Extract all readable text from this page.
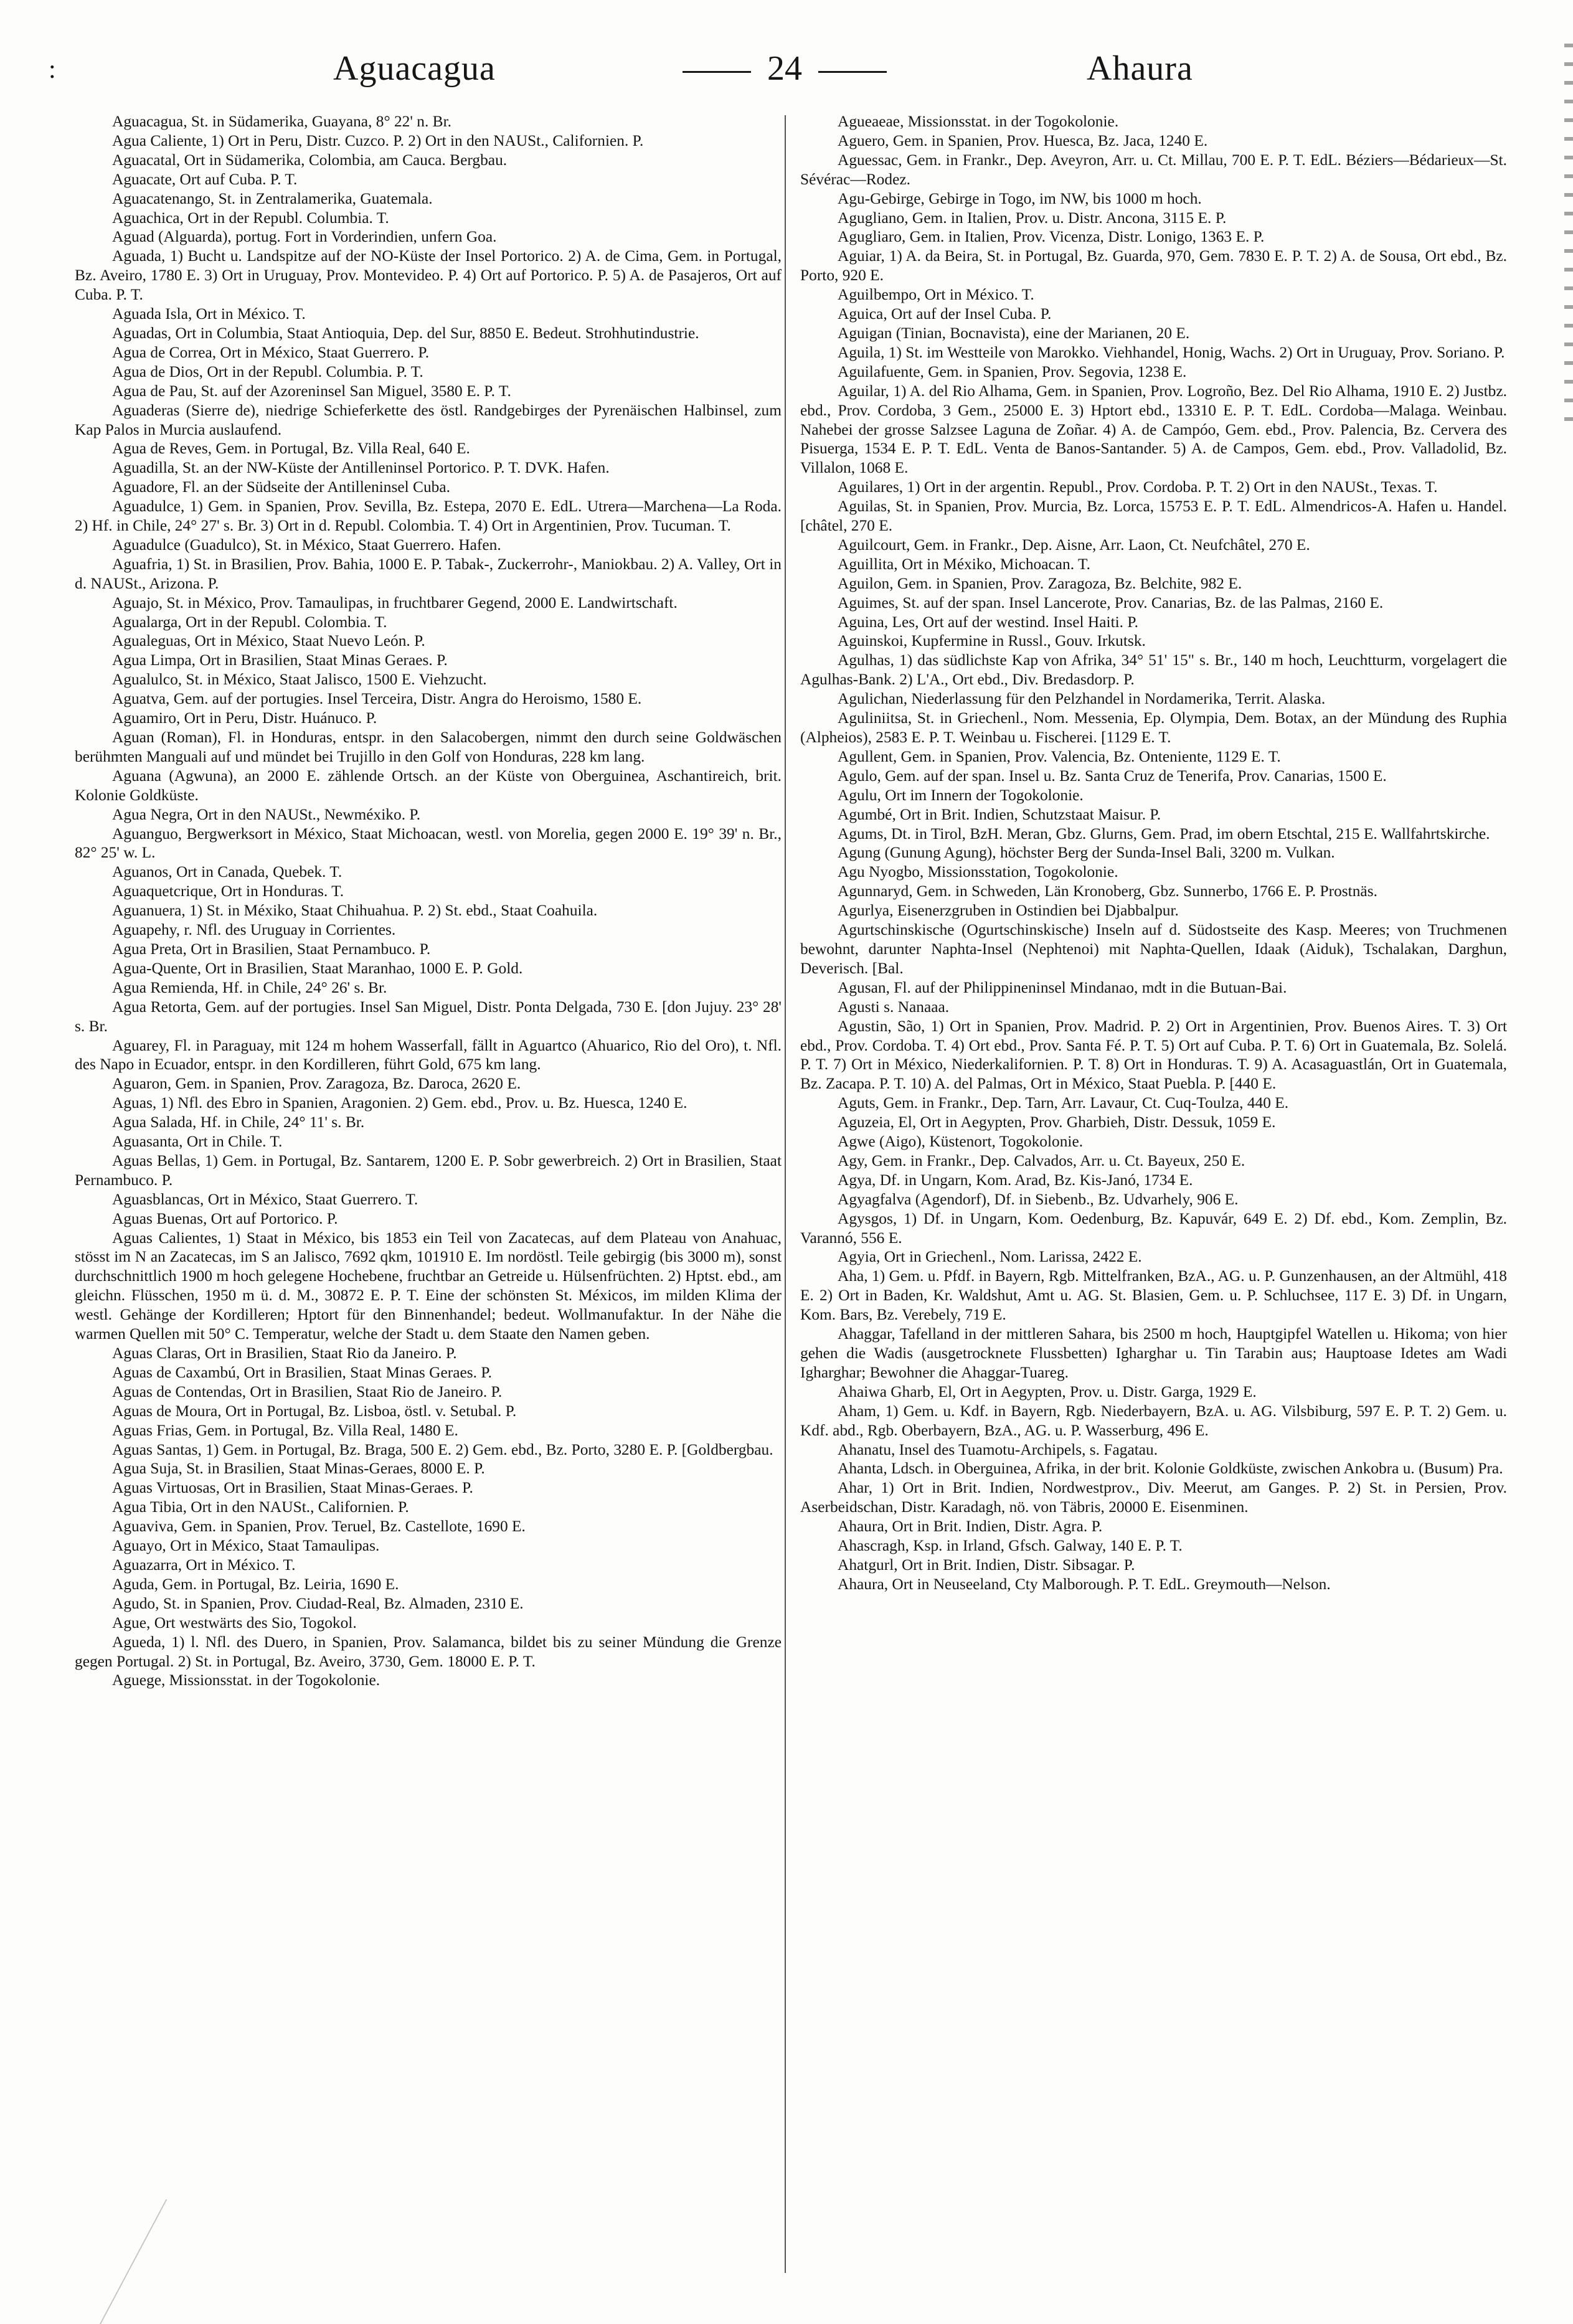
:	Aguacagua	24	Ahaura

Aguacagua, St. in Südamerika, Guayana, 8° 22' n. Br.

Agua Caliente, 1) Ort in Peru, Distr. Cuzco. P. 2) Ort in den NAUSt., Californien. P.

Aguacatal, Ort in Südamerika, Colombia, am Cauca. Bergbau.

Aguacate, Ort auf Cuba. P. T.

Aguacatenango, St. in Zentralamerika, Guatemala.

Aguachica, Ort in der Republ. Columbia. T.

Aguad (Alguarda), portug. Fort in Vorderindien, unfern Goa.

Aguada, 1) Bucht u. Landspitze auf der NO-Küste der Insel Portorico. 2) A. de Cima, Gem. in Portugal, Bz. Aveiro, 1780 E. 3) Ort in Uruguay, Prov. Montevideo. P. 4) Ort auf Portorico. P. 5) A. de Pasajeros, Ort auf Cuba. P. T.

Aguada Isla, Ort in México. T.

Aguadas, Ort in Columbia, Staat Antioquia, Dep. del Sur, 8850 E. Bedeut. Strohhutindustrie.

Agua de Correa, Ort in México, Staat Guerrero. P.

Agua de Dios, Ort in der Republ. Columbia. P. T.

Agua de Pau, St. auf der Azoreninsel San Miguel, 3580 E. P. T.

Aguaderas (Sierre de), niedrige Schieferkette des östl. Randgebirges der Pyrenäischen Halbinsel, zum Kap Palos in Murcia auslaufend.

Agua de Reves, Gem. in Portugal, Bz. Villa Real, 640 E.

Aguadilla, St. an der NW-Küste der Antilleninsel Portorico. P. T. DVK. Hafen.

Aguadore, Fl. an der Südseite der Antilleninsel Cuba.

Aguadulce, 1) Gem. in Spanien, Prov. Sevilla, Bz. Estepa, 2070 E. EdL. Utrera—Marchena—La Roda. 2) Hf. in Chile, 24° 27' s. Br. 3) Ort in d. Republ. Colombia. T. 4) Ort in Argentinien, Prov. Tucuman. T.

Aguadulce (Guadulco), St. in México, Staat Guerrero. Hafen.

Aguafria, 1) St. in Brasilien, Prov. Bahia, 1000 E. P. Tabak-, Zuckerrohr-, Maniokbau. 2) A. Valley, Ort in d. NAUSt., Arizona. P.

Aguajo, St. in México, Prov. Tamaulipas, in fruchtbarer Gegend, 2000 E. Landwirtschaft.

Agualarga, Ort in der Republ. Colombia. T.

Agualeguas, Ort in México, Staat Nuevo León. P.

Agua Limpa, Ort in Brasilien, Staat Minas Geraes. P.

Agualulco, St. in México, Staat Jalisco, 1500 E. Viehzucht.

Aguatva, Gem. auf der portugies. Insel Terceira, Distr. Angra do Heroismo, 1580 E.

Aguamiro, Ort in Peru, Distr. Huánuco. P.

Aguan (Roman), Fl. in Honduras, entspr. in den Salacobergen, nimmt den durch seine Goldwäschen berühmten Manguali auf und mündet bei Trujillo in den Golf von Honduras, 228 km lang.

Aguana (Agwuna), an 2000 E. zählende Ortsch. an der Küste von Oberguinea, Aschantireich, brit. Kolonie Goldküste.

Agua Negra, Ort in den NAUSt., Newméxiko. P.

Aguanguo, Bergwerksort in México, Staat Michoacan, westl. von Morelia, gegen 2000 E. 19° 39' n. Br., 82° 25' w. L.

Aguanos, Ort in Canada, Quebek. T.

Aguaquetcrique, Ort in Honduras. T.

Aguanuera, 1) St. in Méxiko, Staat Chihuahua. P. 2) St. ebd., Staat Coahuila.

Aguapehy, r. Nfl. des Uruguay in Corrientes.

Agua Preta, Ort in Brasilien, Staat Pernambuco. P.

Agua-Quente, Ort in Brasilien, Staat Maranhao, 1000 E. P. Gold.

Agua Remienda, Hf. in Chile, 24° 26' s. Br.

Agua Retorta, Gem. auf der portugies. Insel San Miguel, Distr. Ponta Delgada, 730 E. [don Jujuy. 23° 28' s. Br.

Aguarey, Fl. in Paraguay, mit 124 m hohem Wasserfall, fällt in Aguartco (Ahuarico, Rio del Oro), t. Nfl. des Napo in Ecuador, entspr. in den Kordilleren, führt Gold, 675 km lang.

Aguaron, Gem. in Spanien, Prov. Zaragoza, Bz. Daroca, 2620 E.

Aguas, 1) Nfl. des Ebro in Spanien, Aragonien. 2) Gem. ebd., Prov. u. Bz. Huesca, 1240 E.

Agua Salada, Hf. in Chile, 24° 11' s. Br.

Aguasanta, Ort in Chile. T.

Aguas Bellas, 1) Gem. in Portugal, Bz. Santarem, 1200 E. P. Sobr gewerbreich. 2) Ort in Brasilien, Staat Pernambuco. P.

Aguasblancas, Ort in México, Staat Guerrero. T.

Aguas Buenas, Ort auf Portorico. P.

Aguas Calientes, 1) Staat in México, bis 1853 ein Teil von Zacatecas, auf dem Plateau von Anahuac, stösst im N an Zacatecas, im S an Jalisco, 7692 qkm, 101910 E. Im nordöstl. Teile gebirgig (bis 3000 m), sonst durchschnittlich 1900 m hoch gelegene Hochebene, fruchtbar an Getreide u. Hülsenfrüchten. 2) Hptst. ebd., am gleichn. Flüsschen, 1950 m ü. d. M., 30872 E. P. T. Eine der schönsten St. Méxicos, im milden Klima der westl. Gehänge der Kordilleren; Hptort für den Binnenhandel; bedeut. Wollmanufaktur. In der Nähe die warmen Quellen mit 50° C. Temperatur, welche der Stadt u. dem Staate den Namen geben.

Aguas Claras, Ort in Brasilien, Staat Rio da Janeiro. P.

Aguas de Caxambú, Ort in Brasilien, Staat Minas Geraes. P.

Aguas de Contendas, Ort in Brasilien, Staat Rio de Janeiro. P.

Aguas de Moura, Ort in Portugal, Bz. Lisboa, östl. v. Setubal. P.

Aguas Frias, Gem. in Portugal, Bz. Villa Real, 1480 E.

Aguas Santas, 1) Gem. in Portugal, Bz. Braga, 500 E. 2) Gem. ebd., Bz. Porto, 3280 E. P. [Goldbergbau.

Agua Suja, St. in Brasilien, Staat Minas-Geraes, 8000 E. P.

Aguas Virtuosas, Ort in Brasilien, Staat Minas-Geraes. P.

Agua Tibia, Ort in den NAUSt., Californien. P.

Aguaviva, Gem. in Spanien, Prov. Teruel, Bz. Castellote, 1690 E.

Aguayo, Ort in México, Staat Tamaulipas.

Aguazarra, Ort in México. T.

Aguda, Gem. in Portugal, Bz. Leiria, 1690 E.

Agudo, St. in Spanien, Prov. Ciudad-Real, Bz. Almaden, 2310 E.

Ague, Ort westwärts des Sio, Togokol.

Agueda, 1) l. Nfl. des Duero, in Spanien, Prov. Salamanca, bildet bis zu seiner Mündung die Grenze gegen Portugal. 2) St. in Portugal, Bz. Aveiro, 3730, Gem. 18000 E. P. T.

Aguege, Missionsstat. in der Togokolonie.

Agueaeae, Missionsstat. in der Togokolonie.

Aguero, Gem. in Spanien, Prov. Huesca, Bz. Jaca, 1240 E.

Aguessac, Gem. in Frankr., Dep. Aveyron, Arr. u. Ct. Millau, 700 E. P. T. EdL. Béziers—Bédarieux—St. Sévérac—Rodez.

Agu-Gebirge, Gebirge in Togo, im NW, bis 1000 m hoch.

Agugliano, Gem. in Italien, Prov. u. Distr. Ancona, 3115 E. P.

Agugliaro, Gem. in Italien, Prov. Vicenza, Distr. Lonigo, 1363 E. P.

Aguiar, 1) A. da Beira, St. in Portugal, Bz. Guarda, 970, Gem. 7830 E. P. T. 2) A. de Sousa, Ort ebd., Bz. Porto, 920 E.

Aguilbempo, Ort in México. T.

Aguica, Ort auf der Insel Cuba. P.

Aguigan (Tinian, Bocnavista), eine der Marianen, 20 E.

Aguila, 1) St. im Westteile von Marokko. Viehhandel, Honig, Wachs. 2) Ort in Uruguay, Prov. Soriano. P.

Aguilafuente, Gem. in Spanien, Prov. Segovia, 1238 E.

Aguilar, 1) A. del Rio Alhama, Gem. in Spanien, Prov. Logroño, Bez. Del Rio Alhama, 1910 E. 2) Justbz. ebd., Prov. Cordoba, 3 Gem., 25000 E. 3) Hptort ebd., 13310 E. P. T. EdL. Cordoba—Malaga. Weinbau. Nahebei der grosse Salzsee Laguna de Zoñar. 4) A. de Campóo, Gem. ebd., Prov. Palencia, Bz. Cervera des Pisuerga, 1534 E. P. T. EdL. Venta de Banos-Santander. 5) A. de Campos, Gem. ebd., Prov. Valladolid, Bz. Villalon, 1068 E.

Aguilares, 1) Ort in der argentin. Republ., Prov. Cordoba. P. T. 2) Ort in den NAUSt., Texas. T.

Aguilas, St. in Spanien, Prov. Murcia, Bz. Lorca, 15753 E. P. T. EdL. Almendricos-A. Hafen u. Handel. [châtel, 270 E.

Aguilcourt, Gem. in Frankr., Dep. Aisne, Arr. Laon, Ct. Neufchâtel, 270 E.

Aguillita, Ort in Méxiko, Michoacan. T.

Aguilon, Gem. in Spanien, Prov. Zaragoza, Bz. Belchite, 982 E.

Aguimes, St. auf der span. Insel Lancerote, Prov. Canarias, Bz. de las Palmas, 2160 E.

Aguina, Les, Ort auf der westind. Insel Haiti. P.

Aguinskoi, Kupfermine in Russl., Gouv. Irkutsk.

Agulhas, 1) das südlichste Kap von Afrika, 34° 51' 15" s. Br., 140 m hoch, Leuchtturm, vorgelagert die Agulhas-Bank. 2) L'A., Ort ebd., Div. Bredasdorp. P.

Agulichan, Niederlassung für den Pelzhandel in Nordamerika, Territ. Alaska.

Aguliniitsa, St. in Griechenl., Nom. Messenia, Ep. Olympia, Dem. Botax, an der Mündung des Ruphia (Alpheios), 2583 E. P. T. Weinbau u. Fischerei. [1129 E. T.

Agullent, Gem. in Spanien, Prov. Valencia, Bz. Onteniente, 1129 E. T.

Agulo, Gem. auf der span. Insel u. Bz. Santa Cruz de Tenerifa, Prov. Canarias, 1500 E.

Agulu, Ort im Innern der Togokolonie.

Agumbé, Ort in Brit. Indien, Schutzstaat Maisur. P.

Agums, Dt. in Tirol, BzH. Meran, Gbz. Glurns, Gem. Prad, im obern Etschtal, 215 E. Wallfahrtskirche.

Agung (Gunung Agung), höchster Berg der Sunda-Insel Bali, 3200 m. Vulkan.

Agu Nyogbo, Missionsstation, Togokolonie.

Agunnaryd, Gem. in Schweden, Län Kronoberg, Gbz. Sunnerbo, 1766 E. P. Prostnäs.

Agurlya, Eisenerzgruben in Ostindien bei Djabbalpur.

Agurtschinskische (Ogurtschinskische) Inseln auf d. Südostseite des Kasp. Meeres; von Truchmenen bewohnt, darunter Naphta-Insel (Nephtenoi) mit Naphta-Quellen, Idaak (Aiduk), Tschalakan, Darghun, Deverisch. [Bal.

Agusan, Fl. auf der Philippineninsel Mindanao, mdt in die Butuan-Bai.

Agusti s. Nanaaa.

Agustin, São, 1) Ort in Spanien, Prov. Madrid. P. 2) Ort in Argentinien, Prov. Buenos Aires. T. 3) Ort ebd., Prov. Cordoba. T. 4) Ort ebd., Prov. Santa Fé. P. T. 5) Ort auf Cuba. P. T. 6) Ort in Guatemala, Bz. Solelá. P. T. 7) Ort in México, Niederkalifornien. P. T. 8) Ort in Honduras. T. 9) A. Acasaguastlán, Ort in Guatemala, Bz. Zacapa. P. T. 10) A. del Palmas, Ort in México, Staat Puebla. P. [440 E.

Aguts, Gem. in Frankr., Dep. Tarn, Arr. Lavaur, Ct. Cuq-Toulza, 440 E.

Aguzeia, El, Ort in Aegypten, Prov. Gharbieh, Distr. Dessuk, 1059 E.

Agwe (Aigo), Küstenort, Togokolonie.

Agy, Gem. in Frankr., Dep. Calvados, Arr. u. Ct. Bayeux, 250 E.

Agya, Df. in Ungarn, Kom. Arad, Bz. Kis-Janó, 1734 E.

Agyagfalva (Agendorf), Df. in Siebenb., Bz. Udvarhely, 906 E.

Agysgos, 1) Df. in Ungarn, Kom. Oedenburg, Bz. Kapuvár, 649 E. 2) Df. ebd., Kom. Zemplin, Bz. Varannó, 556 E.

Agyia, Ort in Griechenl., Nom. Larissa, 2422 E.

Aha, 1) Gem. u. Pfdf. in Bayern, Rgb. Mittelfranken, BzA., AG. u. P. Gunzenhausen, an der Altmühl, 418 E. 2) Ort in Baden, Kr. Waldshut, Amt u. AG. St. Blasien, Gem. u. P. Schluchsee, 117 E. 3) Df. in Ungarn, Kom. Bars, Bz. Verebely, 719 E.

Ahaggar, Tafelland in der mittleren Sahara, bis 2500 m hoch, Hauptgipfel Watellen u. Hikoma; von hier gehen die Wadis (ausgetrocknete Flussbetten) Igharghar u. Tin Tarabin aus; Hauptoase Idetes am Wadi Igharghar; Bewohner die Ahaggar-Tuareg.

Ahaiwa Gharb, El, Ort in Aegypten, Prov. u. Distr. Garga, 1929 E.

Aham, 1) Gem. u. Kdf. in Bayern, Rgb. Niederbayern, BzA. u. AG. Vilsbiburg, 597 E. P. T. 2) Gem. u. Kdf. abd., Rgb. Oberbayern, BzA., AG. u. P. Wasserburg, 496 E.

Ahanatu, Insel des Tuamotu-Archipels, s. Fagatau.

Ahanta, Ldsch. in Oberguinea, Afrika, in der brit. Kolonie Goldküste, zwischen Ankobra u. (Busum) Pra.

Ahar, 1) Ort in Brit. Indien, Nordwestprov., Div. Meerut, am Ganges. P. 2) St. in Persien, Prov. Aserbeidschan, Distr. Karadagh, nö. von Täbris, 20000 E. Eisenminen.

Ahaura, Ort in Brit. Indien, Distr. Agra. P.

Ahascragh, Ksp. in Irland, Gfsch. Galway, 140 E. P. T.

Ahatgurl, Ort in Brit. Indien, Distr. Sibsagar. P.

Ahaura, Ort in Neuseeland, Cty Malborough. P. T. EdL. Greymouth—Nelson.
